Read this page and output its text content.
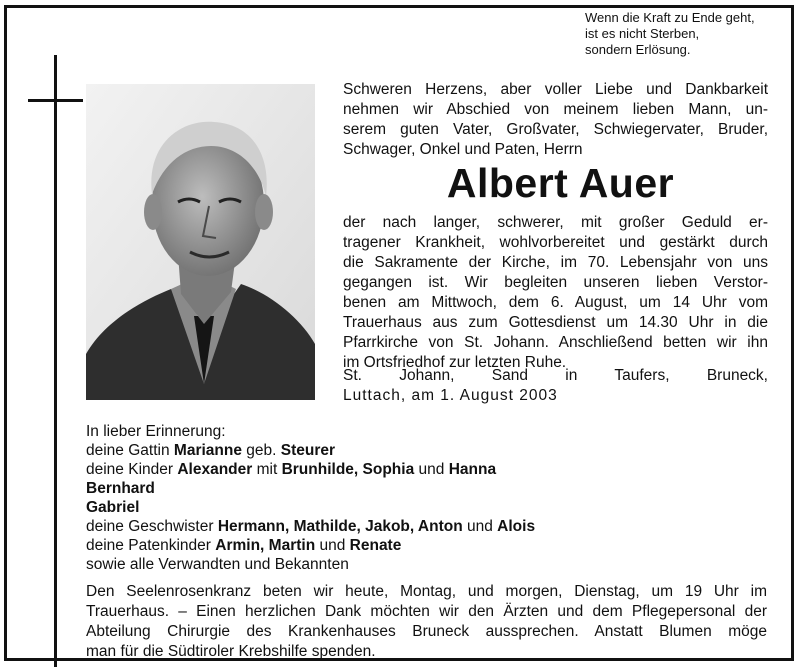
Wenn die Kraft zu Ende geht,
ist es nicht Sterben,
sondern Erlösung.
Schweren Herzens, aber voller Liebe und Dankbarkeit
nehmen wir Abschied von meinem lieben Mann, un-
serem guten Vater, Großvater, Schwiegervater, Bruder,
Schwager, Onkel und Paten, Herrn
Albert Auer
der nach langer, schwerer, mit großer Geduld er-
tragener Krankheit, wohlvorbereitet und gestärkt durch
die Sakramente der Kirche, im 70. Lebensjahr von uns
gegangen ist. Wir begleiten unseren lieben Verstor-
benen am Mittwoch, dem 6. August, um 14 Uhr vom
Trauerhaus aus zum Gottesdienst um 14.30 Uhr in die
Pfarrkirche von St. Johann. Anschließend betten wir ihn
im Ortsfriedhof zur letzten Ruhe.
St. Johann, Sand in Taufers, Bruneck,
Luttach, am 1. August 2003
In lieber Erinnerung:
deine Gattin Marianne geb. Steurer
deine Kinder Alexander mit Brunhilde, Sophia und Hanna
Bernhard
Gabriel
deine Geschwister Hermann, Mathilde, Jakob, Anton und Alois
deine Patenkinder Armin, Martin und Renate
sowie alle Verwandten und Bekannten
Den Seelenrosenkranz beten wir heute, Montag, und morgen, Dienstag, um 19 Uhr im
Trauerhaus. – Einen herzlichen Dank möchten wir den Ärzten und dem Pflegepersonal der
Abteilung Chirurgie des Krankenhauses Bruneck aussprechen. Anstatt Blumen möge
man für die Südtiroler Krebshilfe spenden.
